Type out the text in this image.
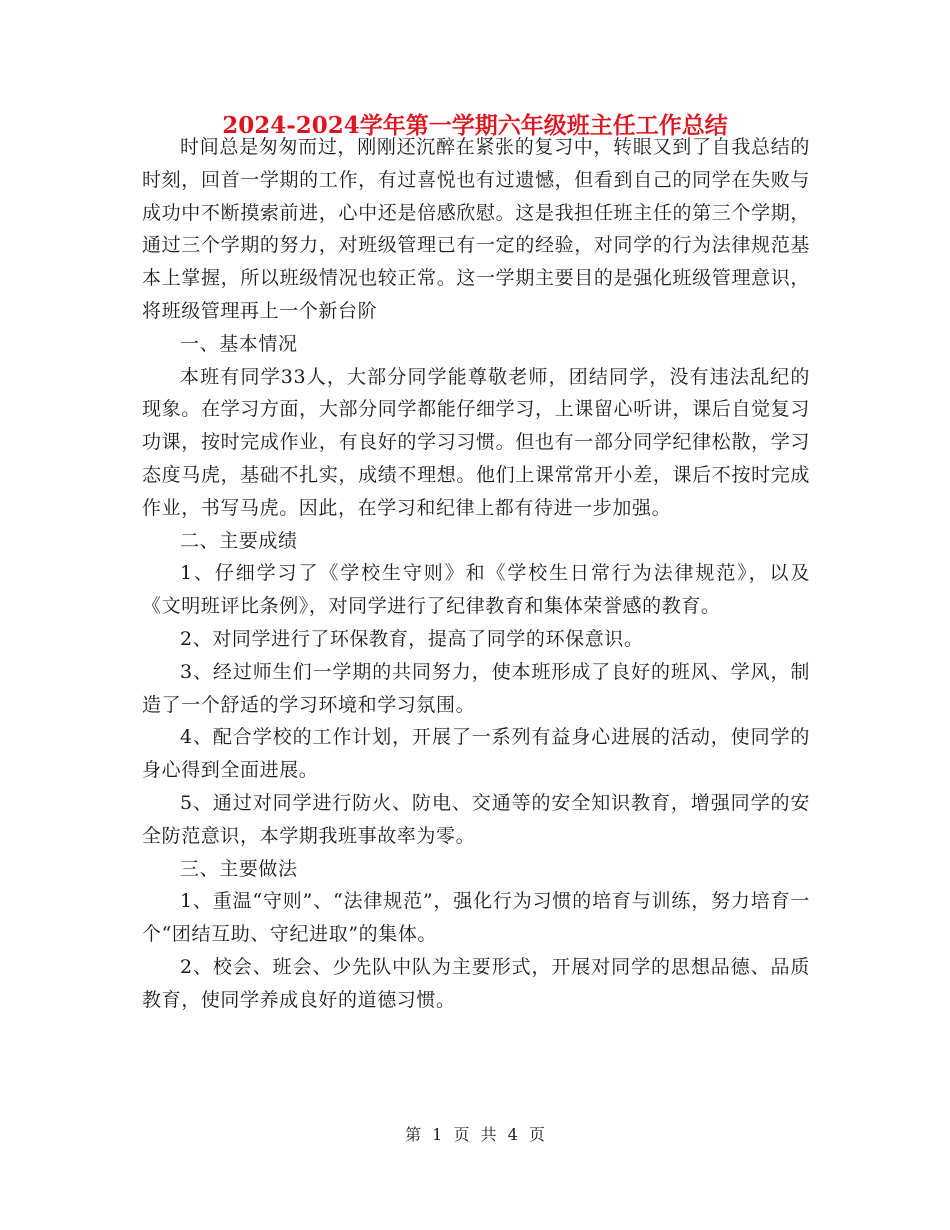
2024-2024学年第一学期六年级班主任工作总结

时间总是匆匆而过，刚刚还沉醉在紧张的复习中，转眼又到了自我总结的时刻，回首一学期的工作，有过喜悦也有过遗憾，但看到自己的同学在失败与成功中不断摸索前进，心中还是倍感欣慰。这是我担任班主任的第三个学期，通过三个学期的努力，对班级管理已有一定的经验，对同学的行为法律规范基本上掌握，所以班级情况也较正常。这一学期主要目的是强化班级管理意识，将班级管理再上一个新台阶

一、基本情况

本班有同学33人，大部分同学能尊敬老师，团结同学，没有违法乱纪的现象。在学习方面，大部分同学都能仔细学习，上课留心听讲，课后自觉复习功课，按时完成作业，有良好的学习习惯。但也有一部分同学纪律松散，学习态度马虎，基础不扎实，成绩不理想。他们上课常常开小差，课后不按时完成作业，书写马虎。因此，在学习和纪律上都有待进一步加强。

二、主要成绩

1、仔细学习了《学校生守则》和《学校生日常行为法律规范》，以及《文明班评比条例》，对同学进行了纪律教育和集体荣誉感的教育。

2、对同学进行了环保教育，提高了同学的环保意识。

3、经过师生们一学期的共同努力，使本班形成了良好的班风、学风，制造了一个舒适的学习环境和学习氛围。

4、配合学校的工作计划，开展了一系列有益身心进展的活动，使同学的身心得到全面进展。

5、通过对同学进行防火、防电、交通等的安全知识教育，增强同学的安全防范意识，本学期我班事故率为零。

三、主要做法

1、重温“守则”、“法律规范”，强化行为习惯的培育与训练，努力培育一个“团结互助、守纪进取”的集体。

2、校会、班会、少先队中队为主要形式，开展对同学的思想品德、品质教育，使同学养成良好的道德习惯。

第 1 页 共 4 页
